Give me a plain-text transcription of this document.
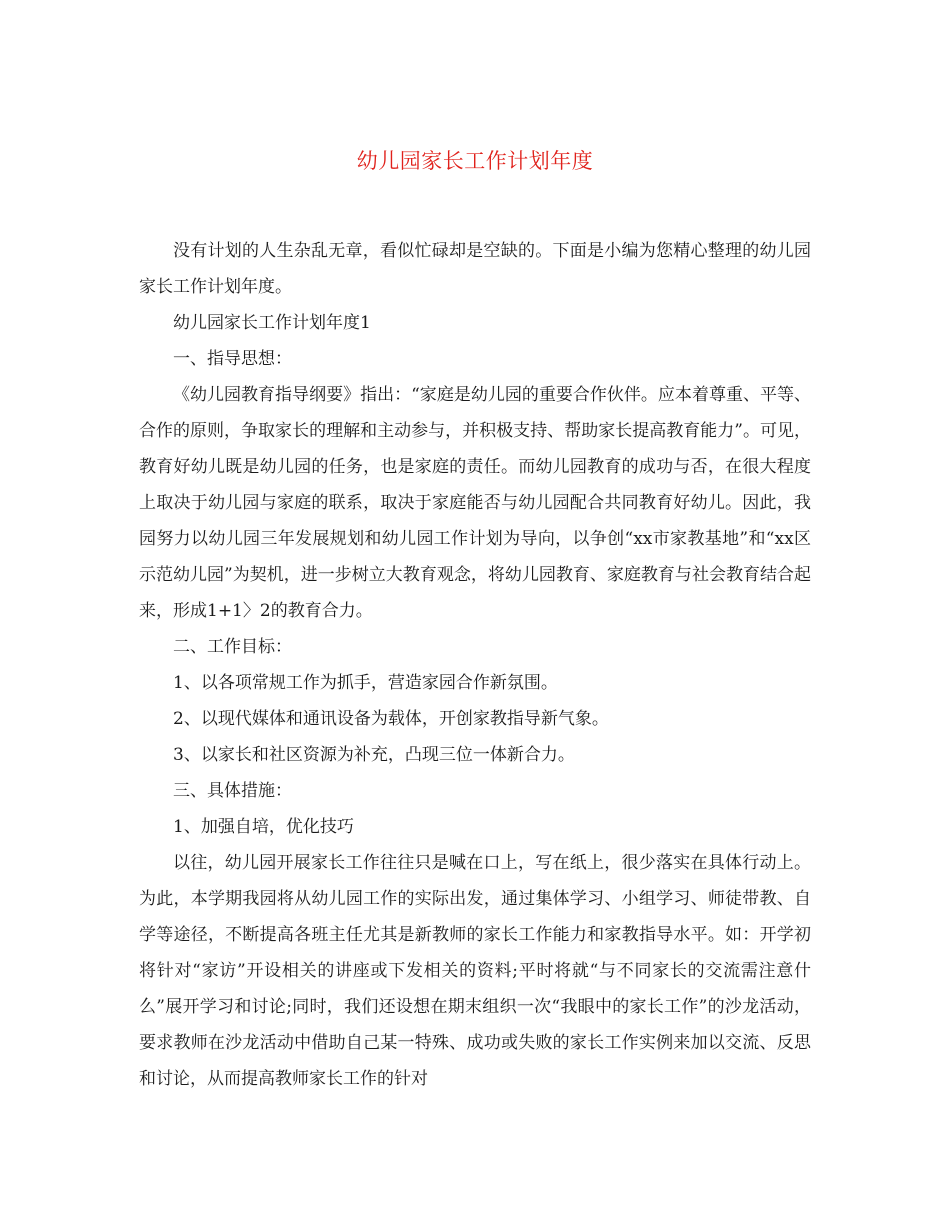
幼儿园家长工作计划年度

没有计划的人生杂乱无章，看似忙碌却是空缺的。下面是小编为您精心整理的幼儿园家长工作计划年度。

幼儿园家长工作计划年度1

一、指导思想：

《幼儿园教育指导纲要》指出：“家庭是幼儿园的重要合作伙伴。应本着尊重、平等、合作的原则，争取家长的理解和主动参与，并积极支持、帮助家长提高教育能力”。可见，教育好幼儿既是幼儿园的任务，也是家庭的责任。而幼儿园教育的成功与否，在很大程度上取决于幼儿园与家庭的联系，取决于家庭能否与幼儿园配合共同教育好幼儿。因此，我园努力以幼儿园三年发展规划和幼儿园工作计划为导向，以争创“xx市家教基地”和“xx区示范幼儿园”为契机，进一步树立大教育观念，将幼儿园教育、家庭教育与社会教育结合起来，形成1+1〉2的教育合力。

二、工作目标：

1、以各项常规工作为抓手，营造家园合作新氛围。

2、以现代媒体和通讯设备为载体，开创家教指导新气象。

3、以家长和社区资源为补充，凸现三位一体新合力。

三、具体措施：

1、加强自培，优化技巧

以往，幼儿园开展家长工作往往只是喊在口上，写在纸上，很少落实在具体行动上。为此，本学期我园将从幼儿园工作的实际出发，通过集体学习、小组学习、师徒带教、自学等途径，不断提高各班主任尤其是新教师的家长工作能力和家教指导水平。如：开学初将针对“家访”开设相关的讲座或下发相关的资料;平时将就“与不同家长的交流需注意什么”展开学习和讨论;同时，我们还设想在期末组织一次“我眼中的家长工作”的沙龙活动，要求教师在沙龙活动中借助自己某一特殊、成功或失败的家长工作实例来加以交流、反思和讨论，从而提高教师家长工作的针对
